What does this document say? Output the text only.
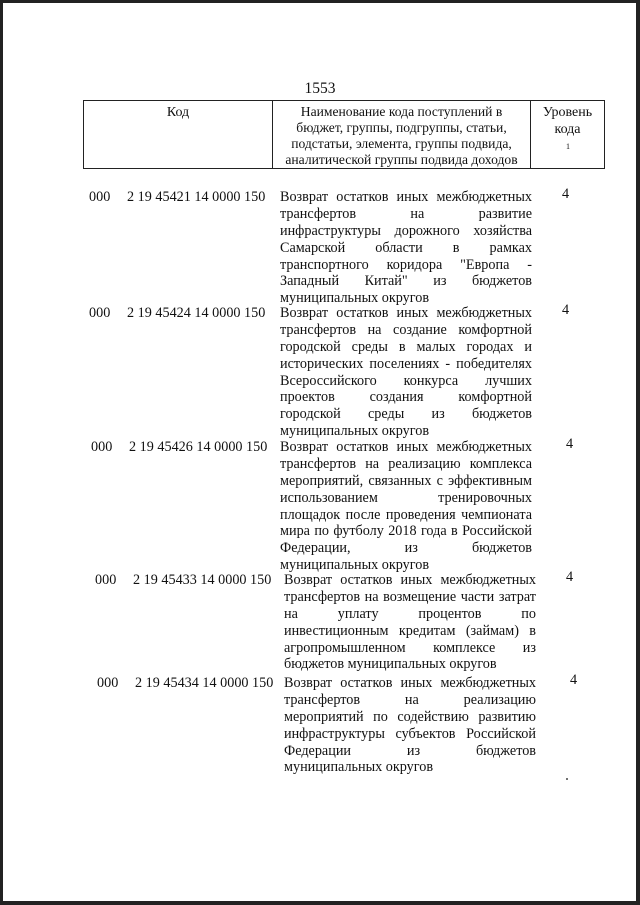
1553
Код	Наименование кода поступлений в
бюджет, группы, подгруппы, статьи,
подстатьи, элемента, группы подвида,
аналитической группы подвида доходов
Уровень
кода
1
000 2 19 45421 14 0000 150 Возврат остатков иных межбюджетных
трансфертов на развитие
инфраструктуры дорожного хозяйства
Самарской области в рамках
транспортного коридора "Европа -
Западный Китай" из бюджетов
муниципальных округов
4
000 2 19 45424 14 0000 150 Возврат остатков иных межбюджетных
трансфертов на создание комфортной
городской среды в малых городах и
исторических поселениях - победителях
Всероссийского конкурса лучших
проектов создания комфортной
городской среды из бюджетов
муниципальных округов
4
000 2 19 45426 14 0000 150 Возврат остатков иных межбюджетных
трансфертов на реализацию комплекса
мероприятий, связанных с эффективным
использованием тренировочных
площадок после проведения чемпионата
мира по футболу 2018 года в Российской
Федерации, из бюджетов
муниципальных округов
4
000 2 19 45433 14 0000 150 Возврат остатков иных межбюджетных
трансфертов на возмещение части затрат
на уплату процентов по
инвестиционным кредитам (займам) в
агропромышленном комплексе из
бюджетов муниципальных округов
4
000 2 19 45434 14 0000 150 Возврат остатков иных межбюджетных
трансфертов на реализацию
мероприятий по содействию развитию
инфраструктуры субъектов Российской
Федерации из бюджетов
муниципальных округов
4
